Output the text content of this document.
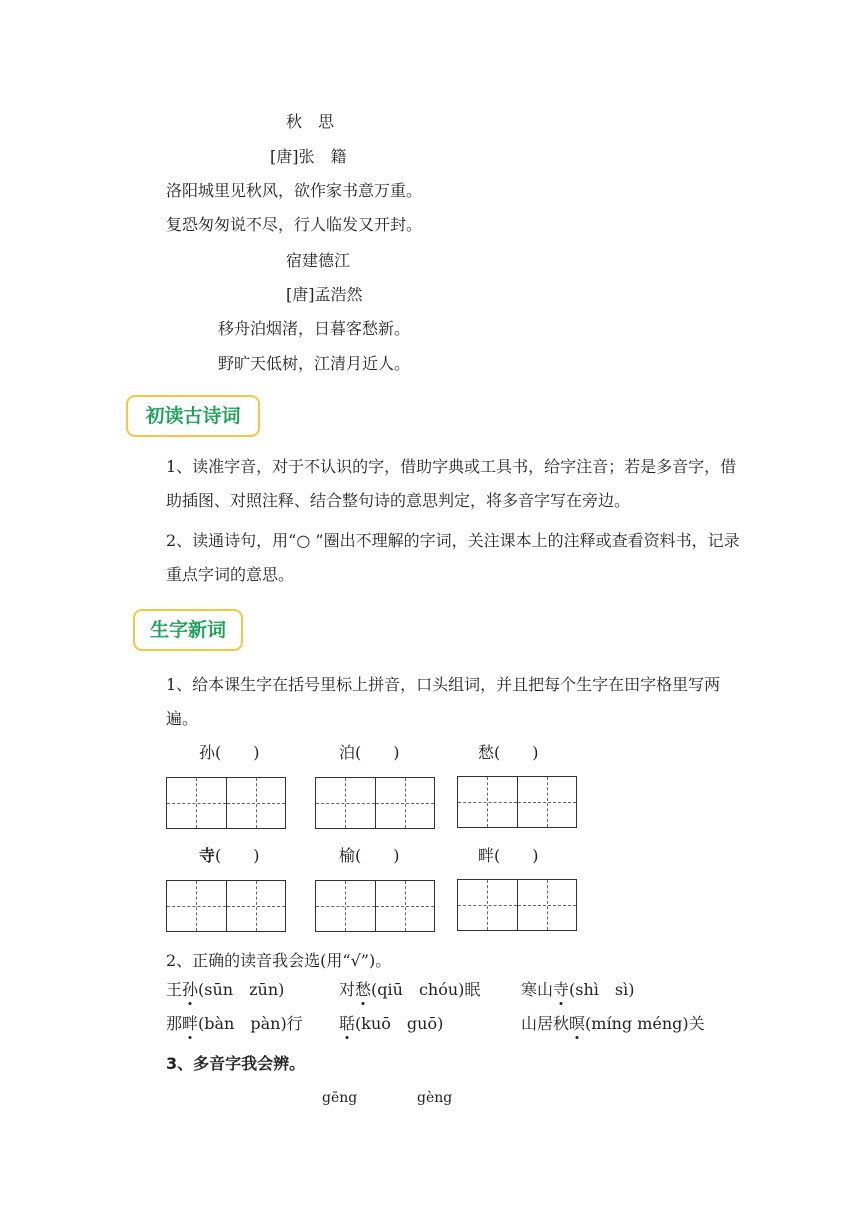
秋　思
[唐]张　籍
洛阳城里见秋风，欲作家书意万重。
复恐匆匆说不尽，行人临发又开封。
宿建德江
[唐]孟浩然
移舟泊烟渚，日暮客愁新。
野旷天低树，江清月近人。
初读古诗词
1、读准字音，对于不认识的字，借助字典或工具书，给字注音；若是多音字，借助插图、对照注释、结合整句诗的意思判定，将多音字写在旁边。
2、读通诗句，用“○ ”圈出不理解的字词，关注课本上的注释或查看资料书，记录重点字词的意思。
生字新词
1、给本课生字在括号里标上拼音，口头组词，并且把每个生字在田字格里写两遍。
孙(　　)	泊(　　)	愁(　　)
寺(　　)	榆(　　)	畔(　　)
2、正确的读音我会选(用“√”)。
王孙(sūn　zūn)	对愁(qiū　chóu)眠	寒山寺(shì　sì)
那畔(bàn　pàn)行 聒(kuō　guō)	山居秋暝(míng méng)关
3、多音字我会辨。
gēng	gèng
